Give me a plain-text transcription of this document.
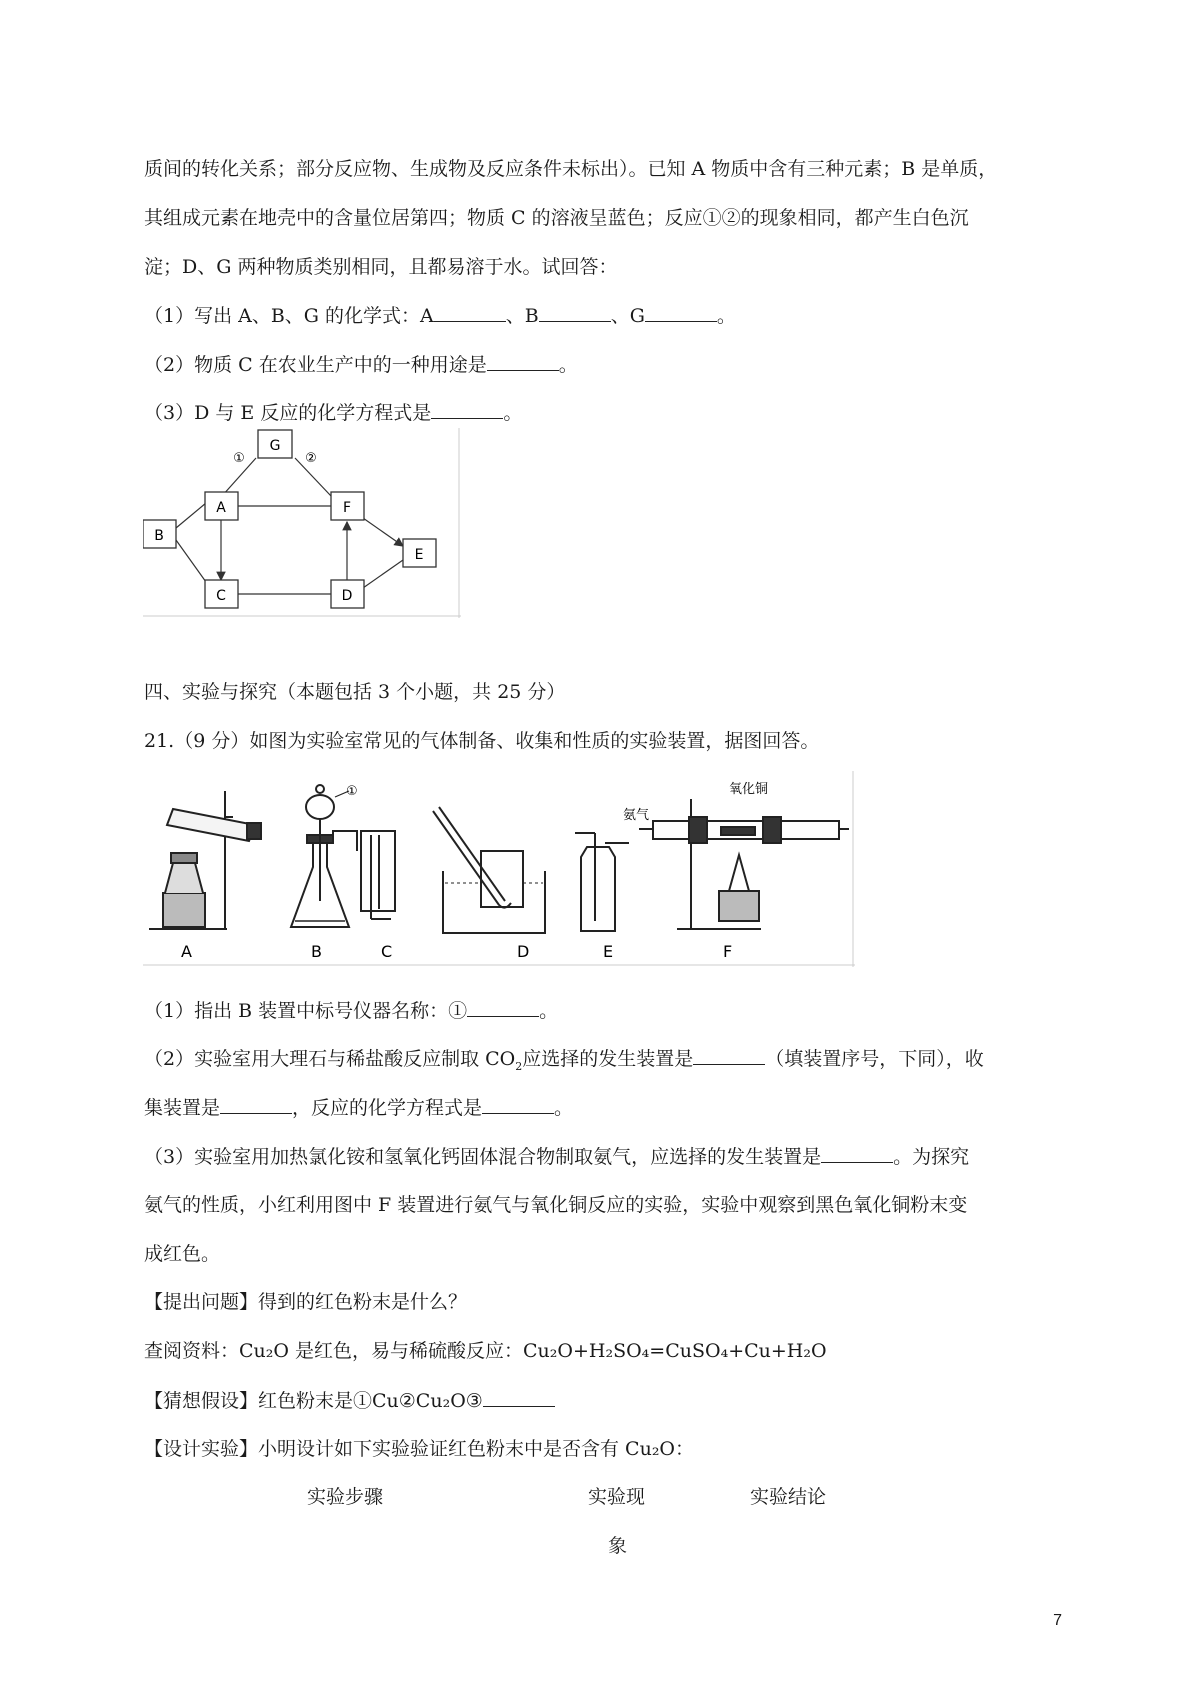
质间的转化关系；部分反应物、生成物及反应条件未标出）。已知 A 物质中含有三种元素；B 是单质，
其组成元素在地壳中的含量位居第四；物质 C 的溶液呈蓝色；反应①②的现象相同，都产生白色沉
淀；D、G 两种物质类别相同，且都易溶于水。试回答：
（1）写出 A、B、G 的化学式：A	、B	、G	。
（2）物质 C 在农业生产中的一种用途是	。
（3）D 与 E 反应的化学方程式是	。
G
A	F
B
E
C	D
①	②
四、实验与探究（本题包括 3 个小题，共 25 分）
21.（9 分）如图为实验室常见的气体制备、收集和性质的实验装置，据图回答。
①
氨气
氧化铜
A	B	C	D	E	F
（1）指出 B 装置中标号仪器名称：①	。
（2）实验室用大理石与稀盐酸反应制取 $CO_2$应选择的发生装置是	（填装置序号，下同），收
集装置是	，反应的化学方程式是	。
（3）实验室用加热氯化铵和氢氧化钙固体混合物制取氨气，应选择的发生装置是	。为探究
氨气的性质，小红利用图中 F 装置进行氨气与氧化铜反应的实验，实验中观察到黑色氧化铜粉末变
成红色。
【提出问题】得到的红色粉末是什么？
查阅资料：Cu₂O 是红色，易与稀硫酸反应：Cu₂O+H₂SO₄=CuSO₄+Cu+H₂O
【猜想假设】红色粉末是①Cu②Cu₂O③
【设计实验】小明设计如下实验验证红色粉末中是否含有 Cu₂O：
实验步骤	实验现	实验结论
象
7
